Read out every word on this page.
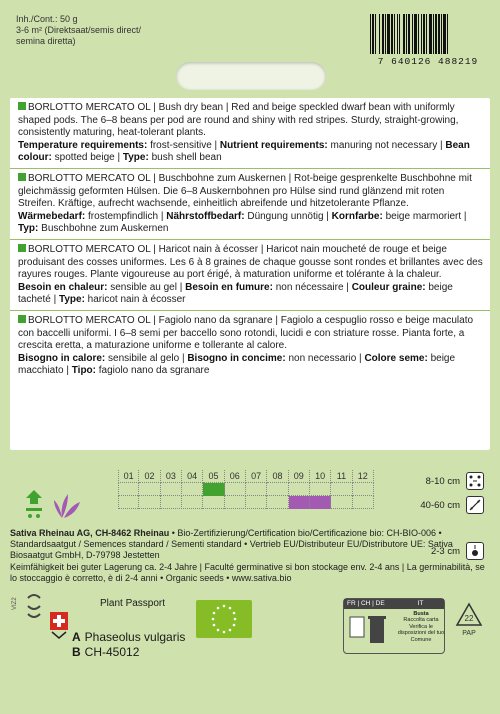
Inh./Cont.: 50 g
3-6 m² (Direktsaat/semis direct/
semina diretta)
7 640126 488219
BORLOTTO MERCATO OL | Bush dry bean | Red and beige speckled dwarf bean with uniformly shaped pods. The 6–8 beans per pod are round and shiny with red stripes. Sturdy, straight-growing, consistently maturing, heat-tolerant plants.
Temperature requirements: frost-sensitive | Nutrient requirements: manuring not necessary | Bean colour: spotted beige | Type: bush shell bean
BORLOTTO MERCATO OL | Buschbohne zum Auskernen | Rot-beige gesprenkelte Buschbohne mit gleichmässig geformten Hülsen. Die 6–8 Auskernbohnen pro Hülse sind rund glänzend mit roten Streifen. Kräftige, aufrecht wachsende, einheitlich abreifende und hitzetolerante Pflanze.
Wärmebedarf: frostempfindlich | Nährstoffbedarf: Düngung unnötig | Kornfarbe: beige marmoriert | Typ: Buschbohne zum Auskernen
BORLOTTO MERCATO OL | Haricot nain à écosser | Haricot nain moucheté de rouge et beige produisant des cosses uniformes. Les 6 à 8 graines de chaque gousse sont rondes et brillantes avec des rayures rouges. Plante vigoureuse au port érigé, à maturation uniforme et tolérante à la chaleur.
Besoin en chaleur: sensible au gel | Besoin en fumure: non nécessaire | Couleur graine: beige tacheté | Type: haricot nain à écosser
BORLOTTO MERCATO OL | Fagiolo nano da sgranare | Fagiolo a cespuglio rosso e beige maculato con baccelli uniformi. I 6–8 semi per baccello sono rotondi, lucidi e con striature rosse. Pianta forte, a crescita eretta, a maturazione uniforme e tollerante al calore.
Bisogno in calore: sensibile al gelo | Bisogno in concime: non necessario | Colore seme: beige macchiato | Tipo: fagiolo nano da sgranare
01	02	03	04	05	06	07	08	09	10	11	12	8-10 cm
40-60 cm
2-3 cm
Sativa Rheinau AG, CH-8462 Rheinau • Bio-Zertifizierung/Certification bio/Certificazione bio: CH-BIO-006 • Standardsaatgut / Semences standard / Sementi standard • Vertrieb EU/Distributeur EU/Distributore UE: Sativa Biosaatgut GmbH, D-79798 Jestetten
Keimfähigkeit bei guter Lagerung ca. 2-4 Jahre | Faculté germinative si bon stockage env. 2-4 ans | La germinabilità, se lo stoccaggio è corretto, è di 2-4 anni • Organic seeds • www.sativa.bio
VIZ2	Plant Passport
A Phaseolus vulgaris
B CH-45012
FR | CH | DE	IT
Busta
Raccolta carta Verifica le disposizioni del tuo Comune
22
PAP
